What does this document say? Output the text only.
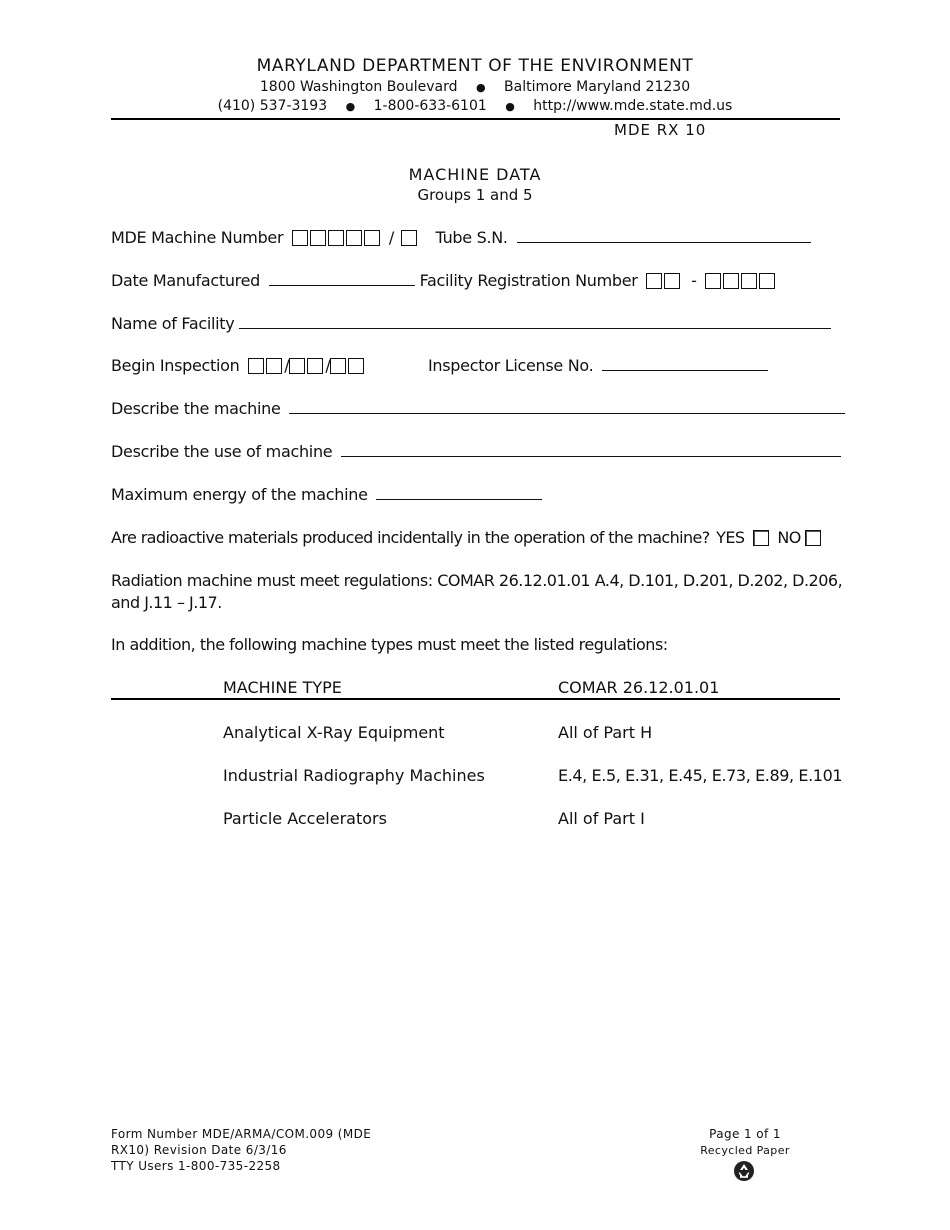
MARYLAND DEPARTMENT OF THE ENVIRONMENT
1800 Washington Boulevard ● Baltimore Maryland 21230
(410) 537-3193 ● 1-800-633-6101 ● http://www.mde.state.md.us
MDE RX 10
MACHINE DATA
Groups 1 and 5
MDE Machine Number	/	Tube S.N.
Date Manufactured	Facility Registration Number	-
Name of Facility
Begin Inspection	/ /	Inspector License No.
Describe the machine
Describe the use of machine
Maximum energy of the machine
Are radioactive materials produced incidentally in the operation of the machine? YES NO
Radiation machine must meet regulations: COMAR 26.12.01.01 A.4, D.101, D.201, D.202, D.206, and J.11 – J.17.
In addition, the following machine types must meet the listed regulations:
MACHINE TYPE	COMAR 26.12.01.01
Analytical X-Ray Equipment	All of Part H
Industrial Radiography Machines	E.4, E.5, E.31, E.45, E.73, E.89, E.101
Particle Accelerators	All of Part I
Form Number MDE/ARMA/COM.009 (MDE RX10) Revision Date 6/3/16
TTY Users 1-800-735-2258
Page 1 of 1
Recycled Paper
